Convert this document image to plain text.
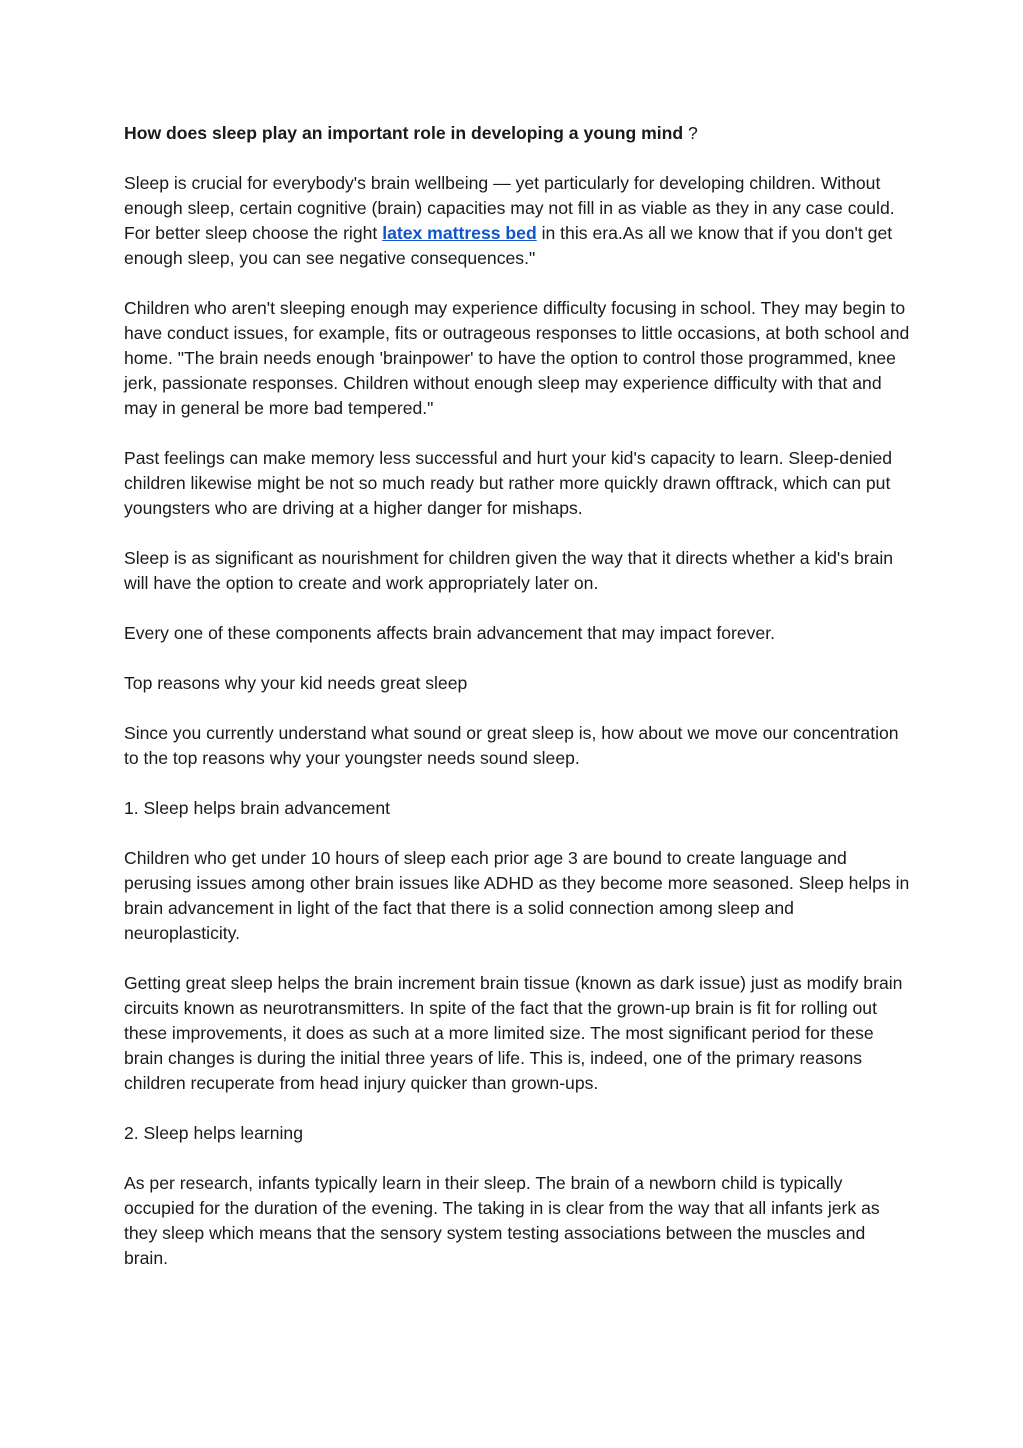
How does sleep play an important role in developing a young mind ?

Sleep is crucial for everybody's brain wellbeing — yet particularly for developing children. Without enough sleep, certain cognitive (brain) capacities may not fill in as viable as they in any case could. For better sleep choose the right latex mattress bed in this era.As all we know that if you don't get enough sleep, you can see negative consequences."

Children who aren't sleeping enough may experience difficulty focusing in school. They may begin to have conduct issues, for example, fits or outrageous responses to little occasions, at both school and home. "The brain needs enough 'brainpower' to have the option to control those programmed, knee jerk, passionate responses. Children without enough sleep may experience difficulty with that and may in general be more bad tempered."

Past feelings can make memory less successful and hurt your kid's capacity to learn. Sleep-denied children likewise might be not so much ready but rather more quickly drawn offtrack, which can put youngsters who are driving at a higher danger for mishaps.

Sleep is as significant as nourishment for children given the way that it directs whether a kid's brain will have the option to create and work appropriately later on.

Every one of these components affects brain advancement that may impact forever.

Top reasons why your kid needs great sleep

Since you currently understand what sound or great sleep is, how about we move our concentration to the top reasons why your youngster needs sound sleep.

1. Sleep helps brain advancement

Children who get under 10 hours of sleep each prior age 3 are bound to create language and perusing issues among other brain issues like ADHD as they become more seasoned. Sleep helps in brain advancement in light of the fact that there is a solid connection among sleep and neuroplasticity.

Getting great sleep helps the brain increment brain tissue (known as dark issue) just as modify brain circuits known as neurotransmitters. In spite of the fact that the grown-up brain is fit for rolling out these improvements, it does as such at a more limited size. The most significant period for these brain changes is during the initial three years of life. This is, indeed, one of the primary reasons children recuperate from head injury quicker than grown-ups.

2. Sleep helps learning

As per research, infants typically learn in their sleep. The brain of a newborn child is typically occupied for the duration of the evening. The taking in is clear from the way that all infants jerk as they sleep which means that the sensory system testing associations between the muscles and brain.
